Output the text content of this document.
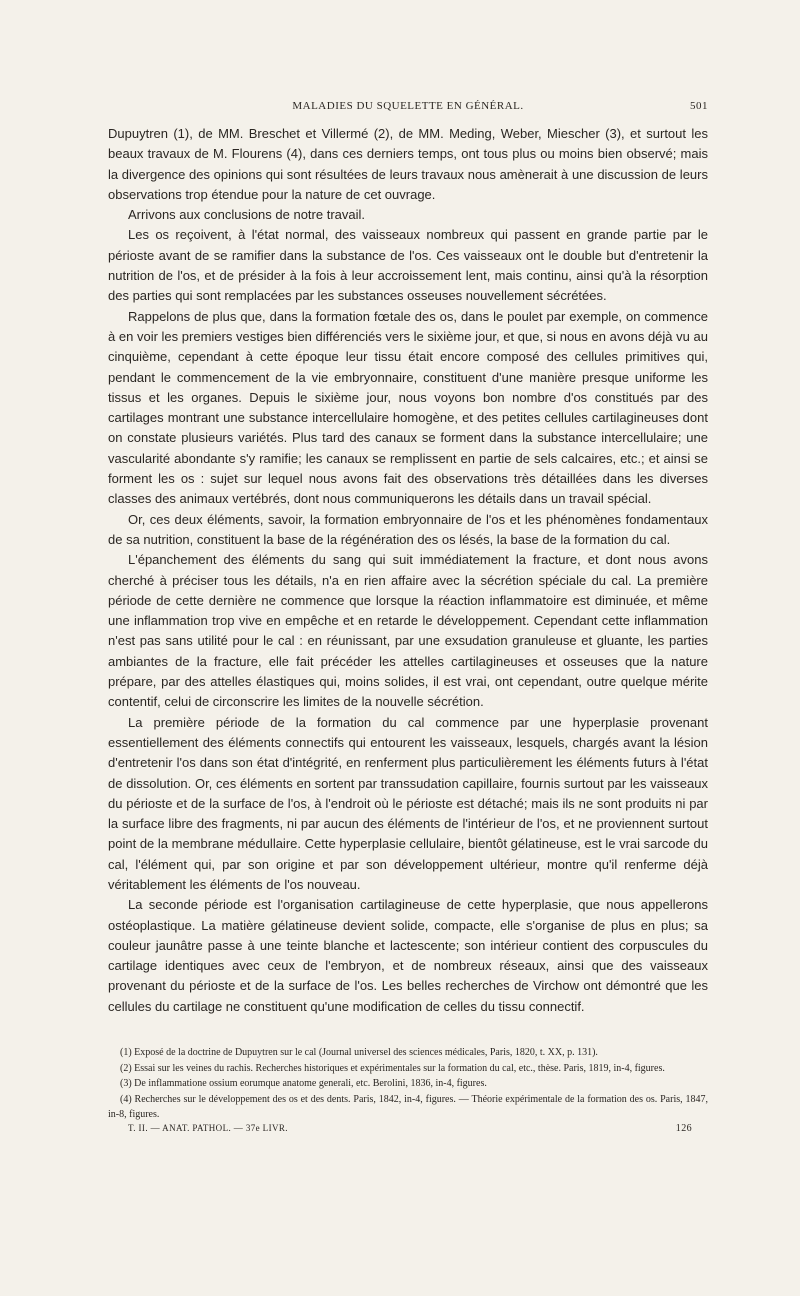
MALADIES DU SQUELETTE EN GÉNÉRAL.	501

Dupuytren (1), de MM. Breschet et Villermé (2), de MM. Meding, Weber, Miescher (3), et surtout les beaux travaux de M. Flourens (4), dans ces derniers temps, ont tous plus ou moins bien observé; mais la divergence des opinions qui sont résultées de leurs travaux nous amènerait à une discussion de leurs observations trop étendue pour la nature de cet ouvrage.

Arrivons aux conclusions de notre travail.

Les os reçoivent, à l'état normal, des vaisseaux nombreux qui passent en grande partie par le périoste avant de se ramifier dans la substance de l'os. Ces vaisseaux ont le double but d'entretenir la nutrition de l'os, et de présider à la fois à leur accroissement lent, mais continu, ainsi qu'à la résorption des parties qui sont remplacées par les substances osseuses nouvellement sécrétées.

Rappelons de plus que, dans la formation fœtale des os, dans le poulet par exemple, on commence à en voir les premiers vestiges bien différenciés vers le sixième jour, et que, si nous en avons déjà vu au cinquième, cependant à cette époque leur tissu était encore composé des cellules primitives qui, pendant le commencement de la vie embryonnaire, constituent d'une manière presque uniforme les tissus et les organes. Depuis le sixième jour, nous voyons bon nombre d'os constitués par des cartilages montrant une substance intercellulaire homogène, et des petites cellules cartilagineuses dont on constate plusieurs variétés. Plus tard des canaux se forment dans la substance intercellulaire; une vascularité abondante s'y ramifie; les canaux se remplissent en partie de sels calcaires, etc.; et ainsi se forment les os : sujet sur lequel nous avons fait des observations très détaillées dans les diverses classes des animaux vertébrés, dont nous communiquerons les détails dans un travail spécial.

Or, ces deux éléments, savoir, la formation embryonnaire de l'os et les phénomènes fondamentaux de sa nutrition, constituent la base de la régénération des os lésés, la base de la formation du cal.

L'épanchement des éléments du sang qui suit immédiatement la fracture, et dont nous avons cherché à préciser tous les détails, n'a en rien affaire avec la sécrétion spéciale du cal. La première période de cette dernière ne commence que lorsque la réaction inflammatoire est diminuée, et même une inflammation trop vive en empêche et en retarde le développement. Cependant cette inflammation n'est pas sans utilité pour le cal : en réunissant, par une exsudation granuleuse et gluante, les parties ambiantes de la fracture, elle fait précéder les attelles cartilagineuses et osseuses que la nature prépare, par des attelles élastiques qui, moins solides, il est vrai, ont cependant, outre quelque mérite contentif, celui de circonscrire les limites de la nouvelle sécrétion.

La première période de la formation du cal commence par une hyperplasie provenant essentiellement des éléments connectifs qui entourent les vaisseaux, lesquels, chargés avant la lésion d'entretenir l'os dans son état d'intégrité, en renferment plus particulièrement les éléments futurs à l'état de dissolution. Or, ces éléments en sortent par transsudation capillaire, fournis surtout par les vaisseaux du périoste et de la surface de l'os, à l'endroit où le périoste est détaché; mais ils ne sont produits ni par la surface libre des fragments, ni par aucun des éléments de l'intérieur de l'os, et ne proviennent surtout point de la membrane médullaire. Cette hyperplasie cellulaire, bientôt gélatineuse, est le vrai sarcode du cal, l'élément qui, par son origine et par son développement ultérieur, montre qu'il renferme déjà véritablement les éléments de l'os nouveau.

La seconde période est l'organisation cartilagineuse de cette hyperplasie, que nous appellerons ostéoplastique. La matière gélatineuse devient solide, compacte, elle s'organise de plus en plus; sa couleur jaunâtre passe à une teinte blanche et lactescente; son intérieur contient des corpuscules du cartilage identiques avec ceux de l'embryon, et de nombreux réseaux, ainsi que des vaisseaux provenant du périoste et de la surface de l'os. Les belles recherches de Virchow ont démontré que les cellules du cartilage ne constituent qu'une modification de celles du tissu connectif.

(1) Exposé de la doctrine de Dupuytren sur le cal (Journal universel des sciences médicales, Paris, 1820, t. XX, p. 131).

(2) Essai sur les veines du rachis. Recherches historiques et expérimentales sur la formation du cal, etc., thèse. Paris, 1819, in-4, figures.

(3) De inflammatione ossium eorumque anatome generali, etc. Berolini, 1836, in-4, figures.

(4) Recherches sur le développement des os et des dents. Paris, 1842, in-4, figures. — Théorie expérimentale de la formation des os. Paris, 1847, in-8, figures.

T. II. — ANAT. PATHOL. — 37e LIVR.	126
